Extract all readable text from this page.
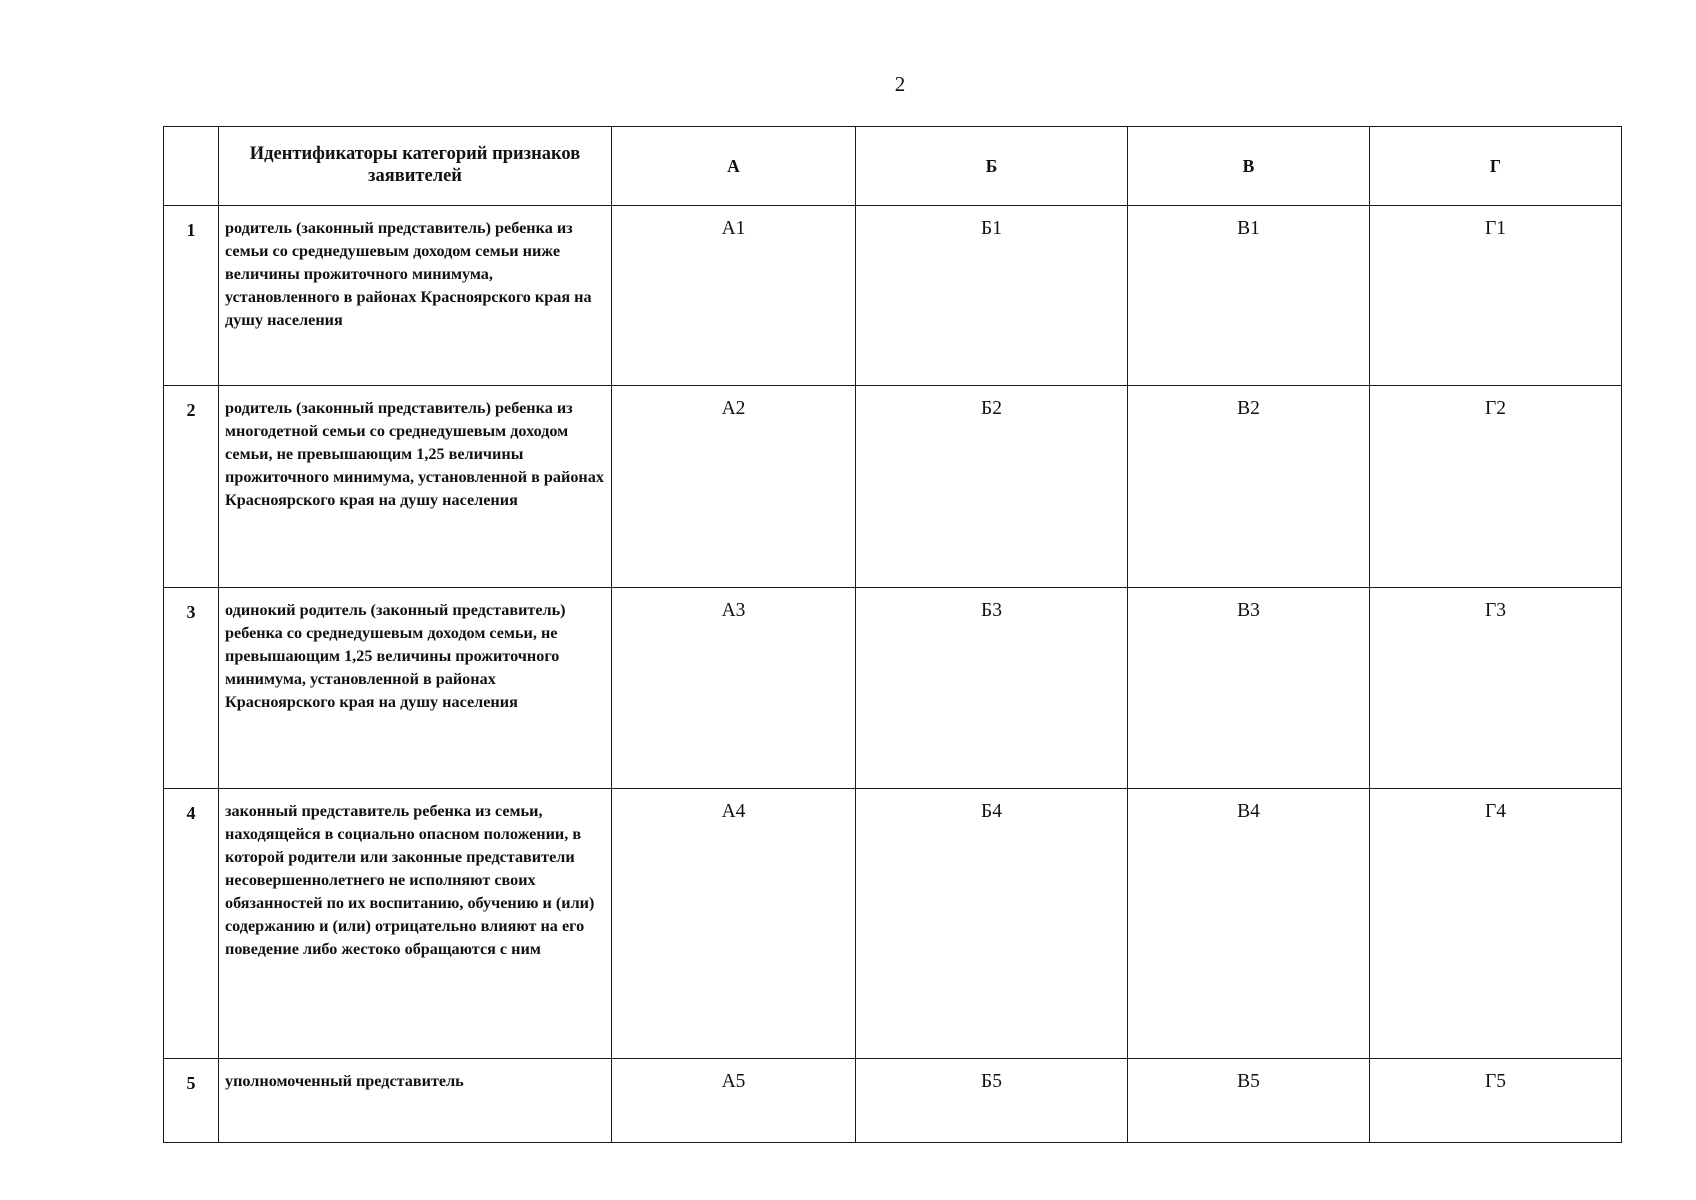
2
	Идентификаторы категорий признаков заявителей	А	Б	В	Г
1	родитель (законный представитель) ребенка из семьи со среднедушевым доходом семьи ниже величины прожиточного минимума, установленного в районах Красноярского края на душу населения	А1	Б1	В1	Г1
2	родитель (законный представитель) ребенка из многодетной семьи со среднедушевым доходом семьи, не превышающим 1,25 величины прожиточного минимума, установленной в районах Красноярского края на душу населения	А2	Б2	В2	Г2
3	одинокий родитель (законный представитель) ребенка со среднедушевым доходом семьи, не превышающим 1,25 величины прожиточного минимума, установленной в районах Красноярского края на душу населения	А3	Б3	В3	Г3
4	законный представитель ребенка из семьи, находящейся в социально опасном положении, в которой родители или законные представители несовершеннолетнего не исполняют своих обязанностей по их воспитанию, обучению и (или) содержанию и (или) отрицательно влияют на его поведение либо жестоко обращаются с ним	А4	Б4	В4	Г4
5	уполномоченный представитель	А5	Б5	В5	Г5
